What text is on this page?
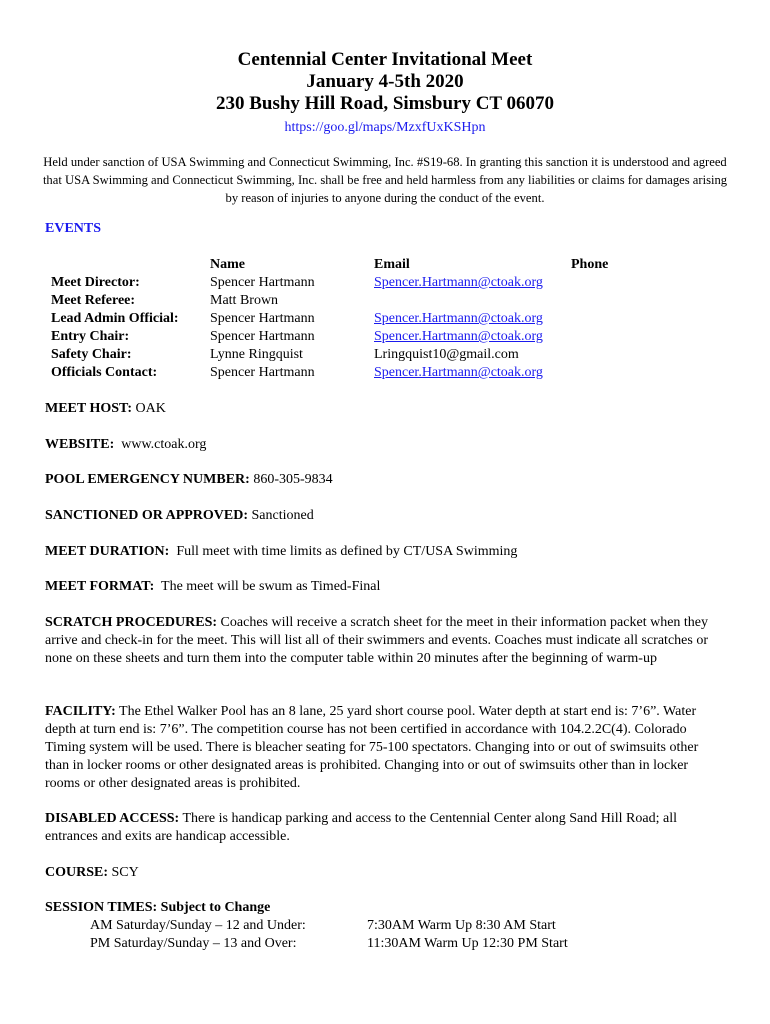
Centennial Center Invitational Meet

January 4-5th 2020

230 Bushy Hill Road, Simsbury CT 06070

https://goo.gl/maps/MzxfUxKSHpn
Held under sanction of USA Swimming and Connecticut Swimming, Inc. #S19-68. In granting this sanction it is understood and agreed that USA Swimming and Connecticut Swimming, Inc. shall be free and held harmless from any liabilities or claims for damages arising by reason of injuries to anyone during the conduct of the event.
EVENTS
Meet Director:
Meet Referee:
Lead Admin Official:
Entry Chair:
Safety Chair:
Officials Contact:
Name
Spencer Hartmann
Matt Brown
Spencer Hartmann
Spencer Hartmann
Lynne Ringquist
Spencer Hartmann
Email
Spencer.Hartmann@ctoak.org
Spencer.Hartmann@ctoak.org
Spencer.Hartmann@ctoak.org
Lringquist10@gmail.com
Spencer.Hartmann@ctoak.org
Phone
MEET HOST: OAK
WEBSITE:  www.ctoak.org
POOL EMERGENCY NUMBER: 860-305-9834
SANCTIONED OR APPROVED: Sanctioned
MEET DURATION:  Full meet with time limits as defined by CT/USA Swimming
MEET FORMAT:  The meet will be swum as Timed-Final
SCRATCH PROCEDURES: Coaches will receive a scratch sheet for the meet in their information packet when they arrive and check-in for the meet. This will list all of their swimmers and events. Coaches must indicate all scratches or none on these sheets and turn them into the computer table within 20 minutes after the beginning of warm-up
FACILITY: The Ethel Walker Pool has an 8 lane, 25 yard short course pool. Water depth at start end is: 7’6”. Water depth at turn end is: 7’6”. The competition course has not been certified in accordance with 104.2.2C(4). Colorado Timing system will be used. There is bleacher seating for 75-100 spectators. Changing into or out of swimsuits other than in locker rooms or other designated areas is prohibited. Changing into or out of swimsuits other than in locker rooms or other designated areas is prohibited.
DISABLED ACCESS: There is handicap parking and access to the Centennial Center along Sand Hill Road; all entrances and exits are handicap accessible.
COURSE: SCY
SESSION TIMES: Subject to Change
AM Saturday/Sunday – 12 and Under:	7:30AM Warm Up 8:30 AM Start
PM Saturday/Sunday – 13 and Over:	11:30AM Warm Up 12:30 PM Start
